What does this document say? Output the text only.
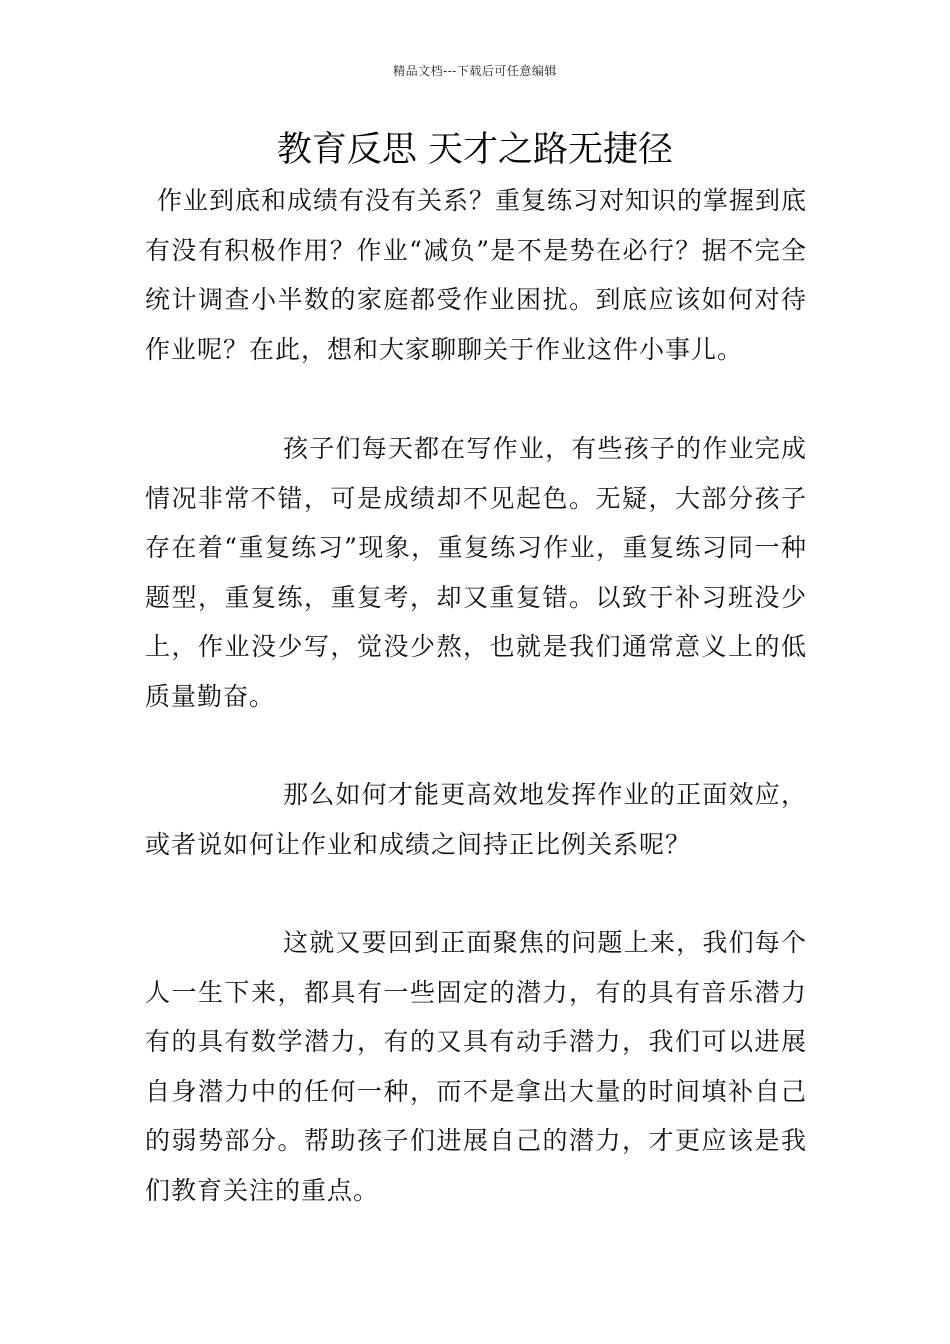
精品文档---下载后可任意编辑
教育反思 天才之路无捷径

作业到底和成绩有没有关系？重复练习对知识的掌握到底有没有积极作用？作业“减负”是不是势在必行？据不完全统计调查小半数的家庭都受作业困扰。到底应该如何对待作业呢？在此，想和大家聊聊关于作业这件小事儿。

孩子们每天都在写作业，有些孩子的作业完成情况非常不错，可是成绩却不见起色。无疑，大部分孩子存在着“重复练习”现象，重复练习作业，重复练习同一种题型，重复练，重复考，却又重复错。以致于补习班没少上，作业没少写，觉没少熬，也就是我们通常意义上的低质量勤奋。

那么如何才能更高效地发挥作业的正面效应，或者说如何让作业和成绩之间持正比例关系呢？

这就又要回到正面聚焦的问题上来，我们每个人一生下来，都具有一些固定的潜力，有的具有音乐潜力有的具有数学潜力，有的又具有动手潜力，我们可以进展自身潜力中的任何一种，而不是拿出大量的时间填补自己的弱势部分。帮助孩子们进展自己的潜力，才更应该是我们教育关注的重点。
